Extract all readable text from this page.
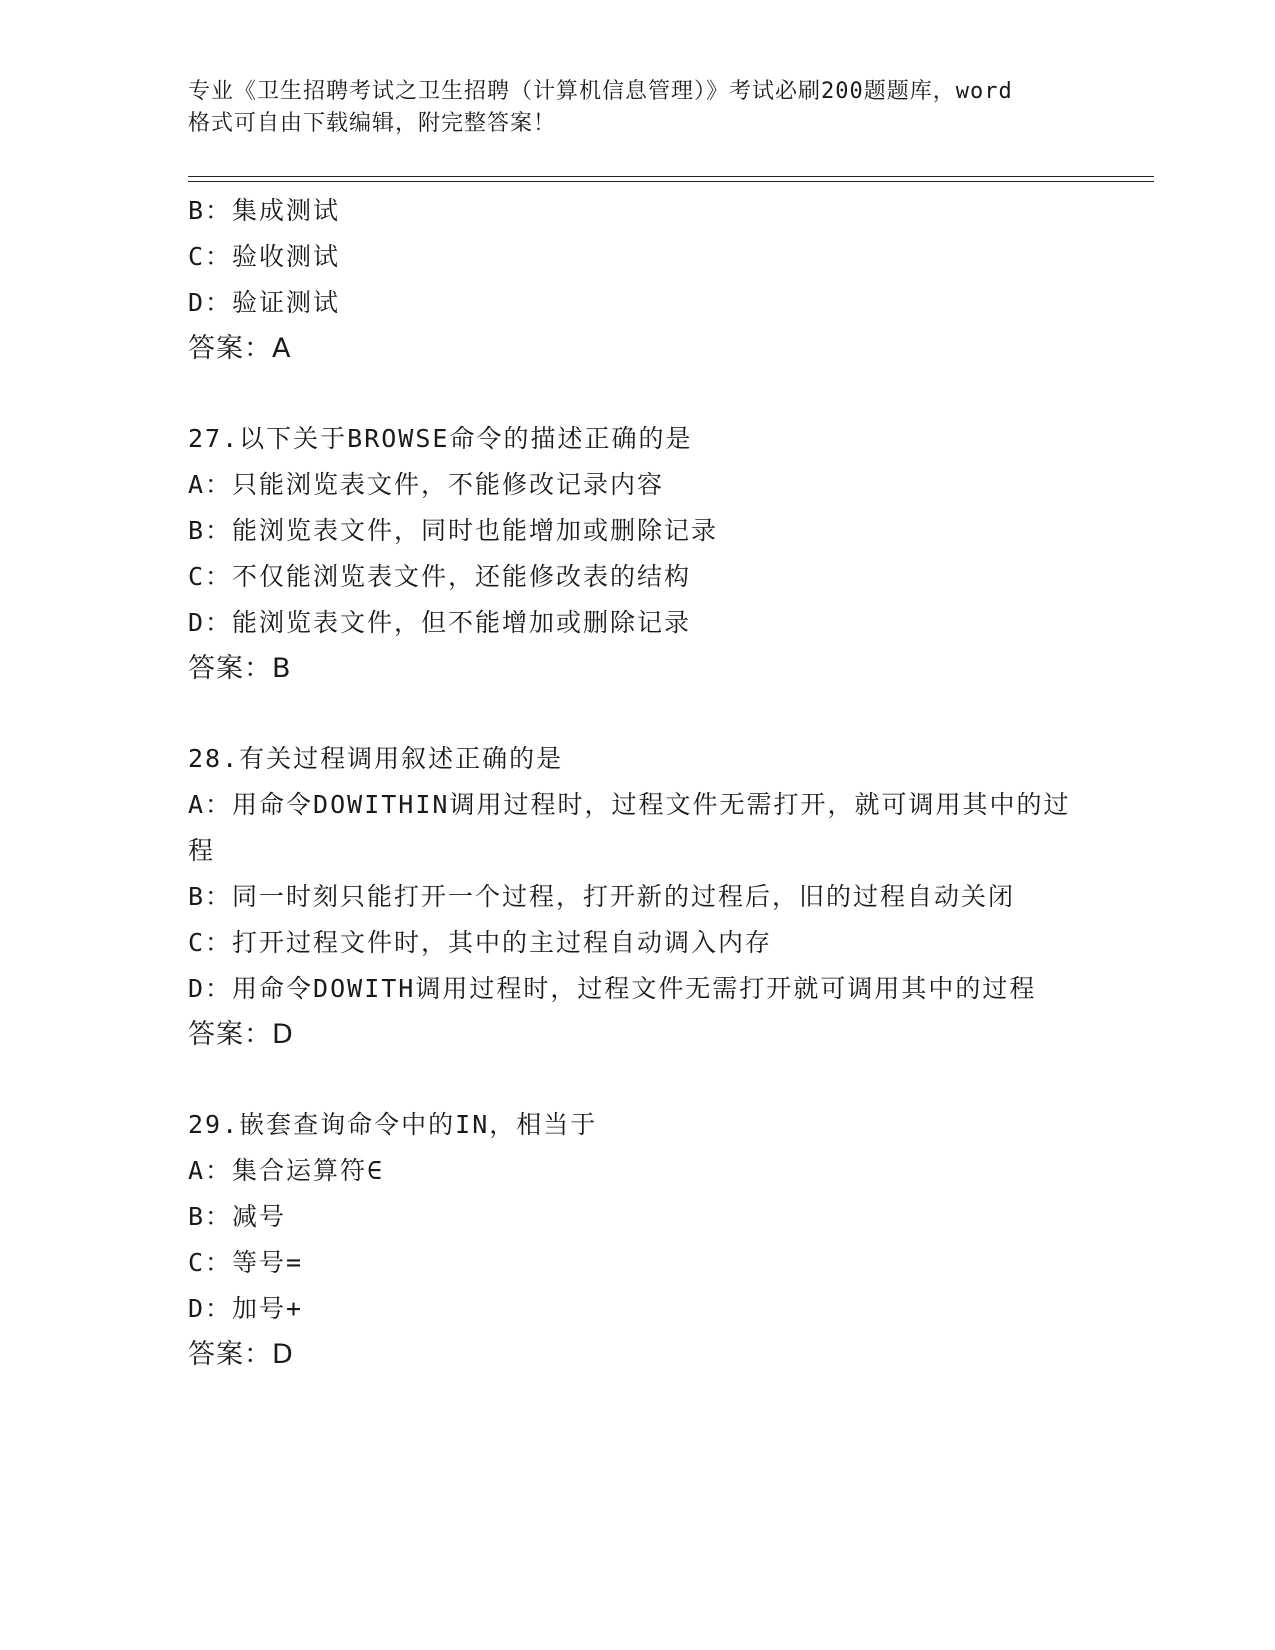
专业《卫生招聘考试之卫生招聘（计算机信息管理）》考试必刷200题题库，word
格式可自由下载编辑，附完整答案！
B：集成测试
C：验收测试
D：验证测试
答案：A
27.以下关于BROWSE命令的描述正确的是
A：只能浏览表文件，不能修改记录内容
B：能浏览表文件，同时也能增加或删除记录
C：不仅能浏览表文件，还能修改表的结构
D：能浏览表文件，但不能增加或删除记录
答案：B
28.有关过程调用叙述正确的是
A：用命令DOWITHIN调用过程时，过程文件无需打开，就可调用其中的过程
B：同一时刻只能打开一个过程，打开新的过程后，旧的过程自动关闭
C：打开过程文件时，其中的主过程自动调入内存
D：用命令DOWITH调用过程时，过程文件无需打开就可调用其中的过程
答案：D
29.嵌套查询命令中的IN，相当于
A：集合运算符∈
B：减号
C：等号=
D：加号+
答案：D
